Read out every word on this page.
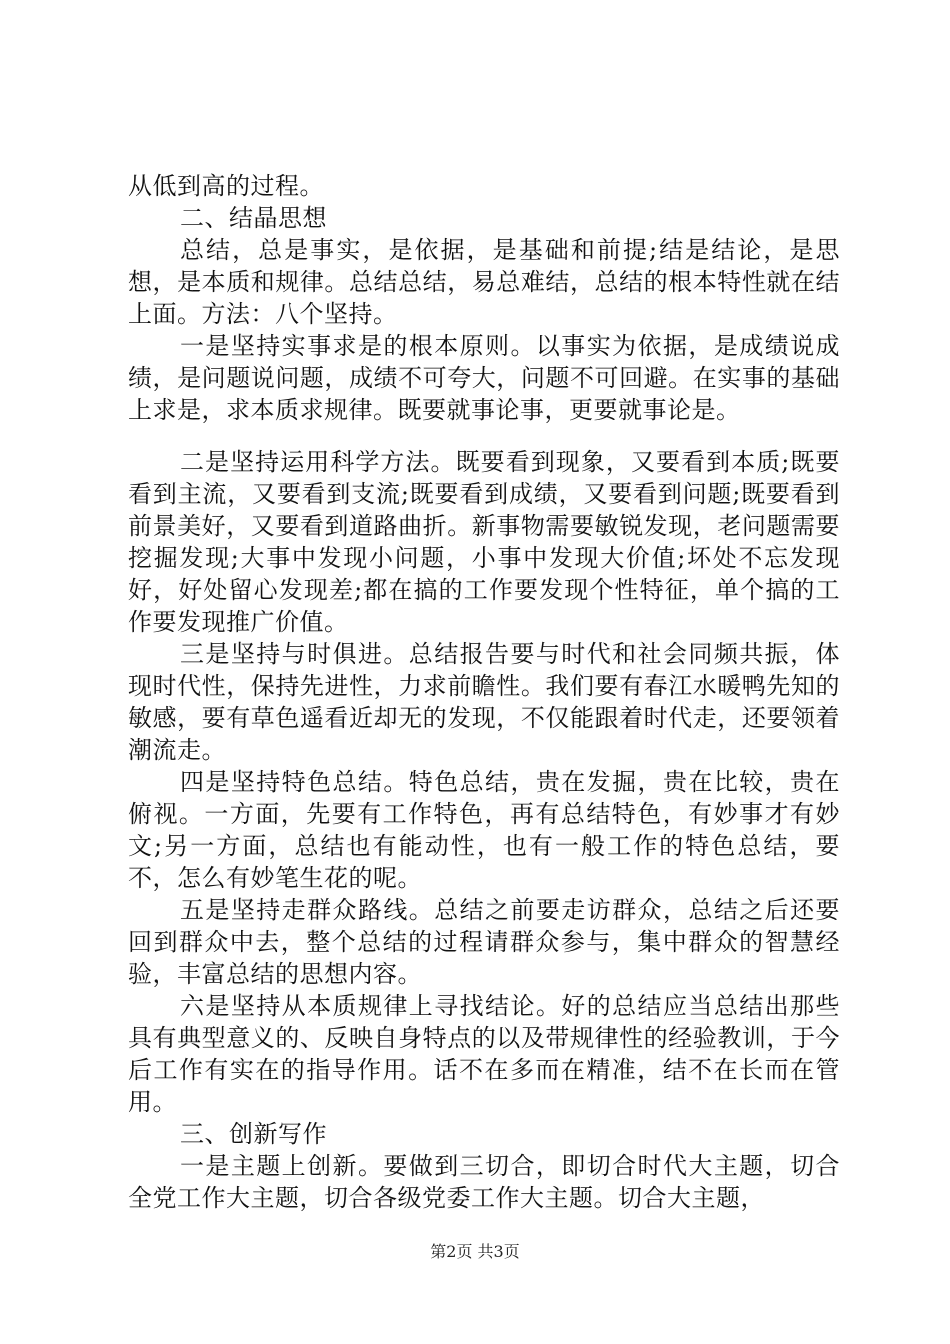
从低到高的过程。

二、结晶思想

总结，总是事实，是依据，是基础和前提;结是结论，是思想，是本质和规律。总结总结，易总难结，总结的根本特性就在结上面。方法：八个坚持。

一是坚持实事求是的根本原则。以事实为依据，是成绩说成绩，是问题说问题，成绩不可夸大，问题不可回避。在实事的基础上求是，求本质求规律。既要就事论事，更要就事论是。

二是坚持运用科学方法。既要看到现象，又要看到本质;既要看到主流，又要看到支流;既要看到成绩，又要看到问题;既要看到前景美好，又要看到道路曲折。新事物需要敏锐发现，老问题需要挖掘发现;大事中发现小问题，小事中发现大价值;坏处不忘发现好，好处留心发现差;都在搞的工作要发现个性特征，单个搞的工作要发现推广价值。

三是坚持与时俱进。总结报告要与时代和社会同频共振，体现时代性，保持先进性，力求前瞻性。我们要有春江水暖鸭先知的敏感，要有草色遥看近却无的发现，不仅能跟着时代走，还要领着潮流走。

四是坚持特色总结。特色总结，贵在发掘，贵在比较，贵在俯视。一方面，先要有工作特色，再有总结特色，有妙事才有妙文;另一方面，总结也有能动性，也有一般工作的特色总结，要不，怎么有妙笔生花的呢。

五是坚持走群众路线。总结之前要走访群众，总结之后还要回到群众中去，整个总结的过程请群众参与，集中群众的智慧经验，丰富总结的思想内容。

六是坚持从本质规律上寻找结论。好的总结应当总结出那些具有典型意义的、反映自身特点的以及带规律性的经验教训，于今后工作有实在的指导作用。话不在多而在精准，结不在长而在管用。

三、创新写作

一是主题上创新。要做到三切合，即切合时代大主题，切合全党工作大主题，切合各级党委工作大主题。切合大主题，

第2页 共3页
